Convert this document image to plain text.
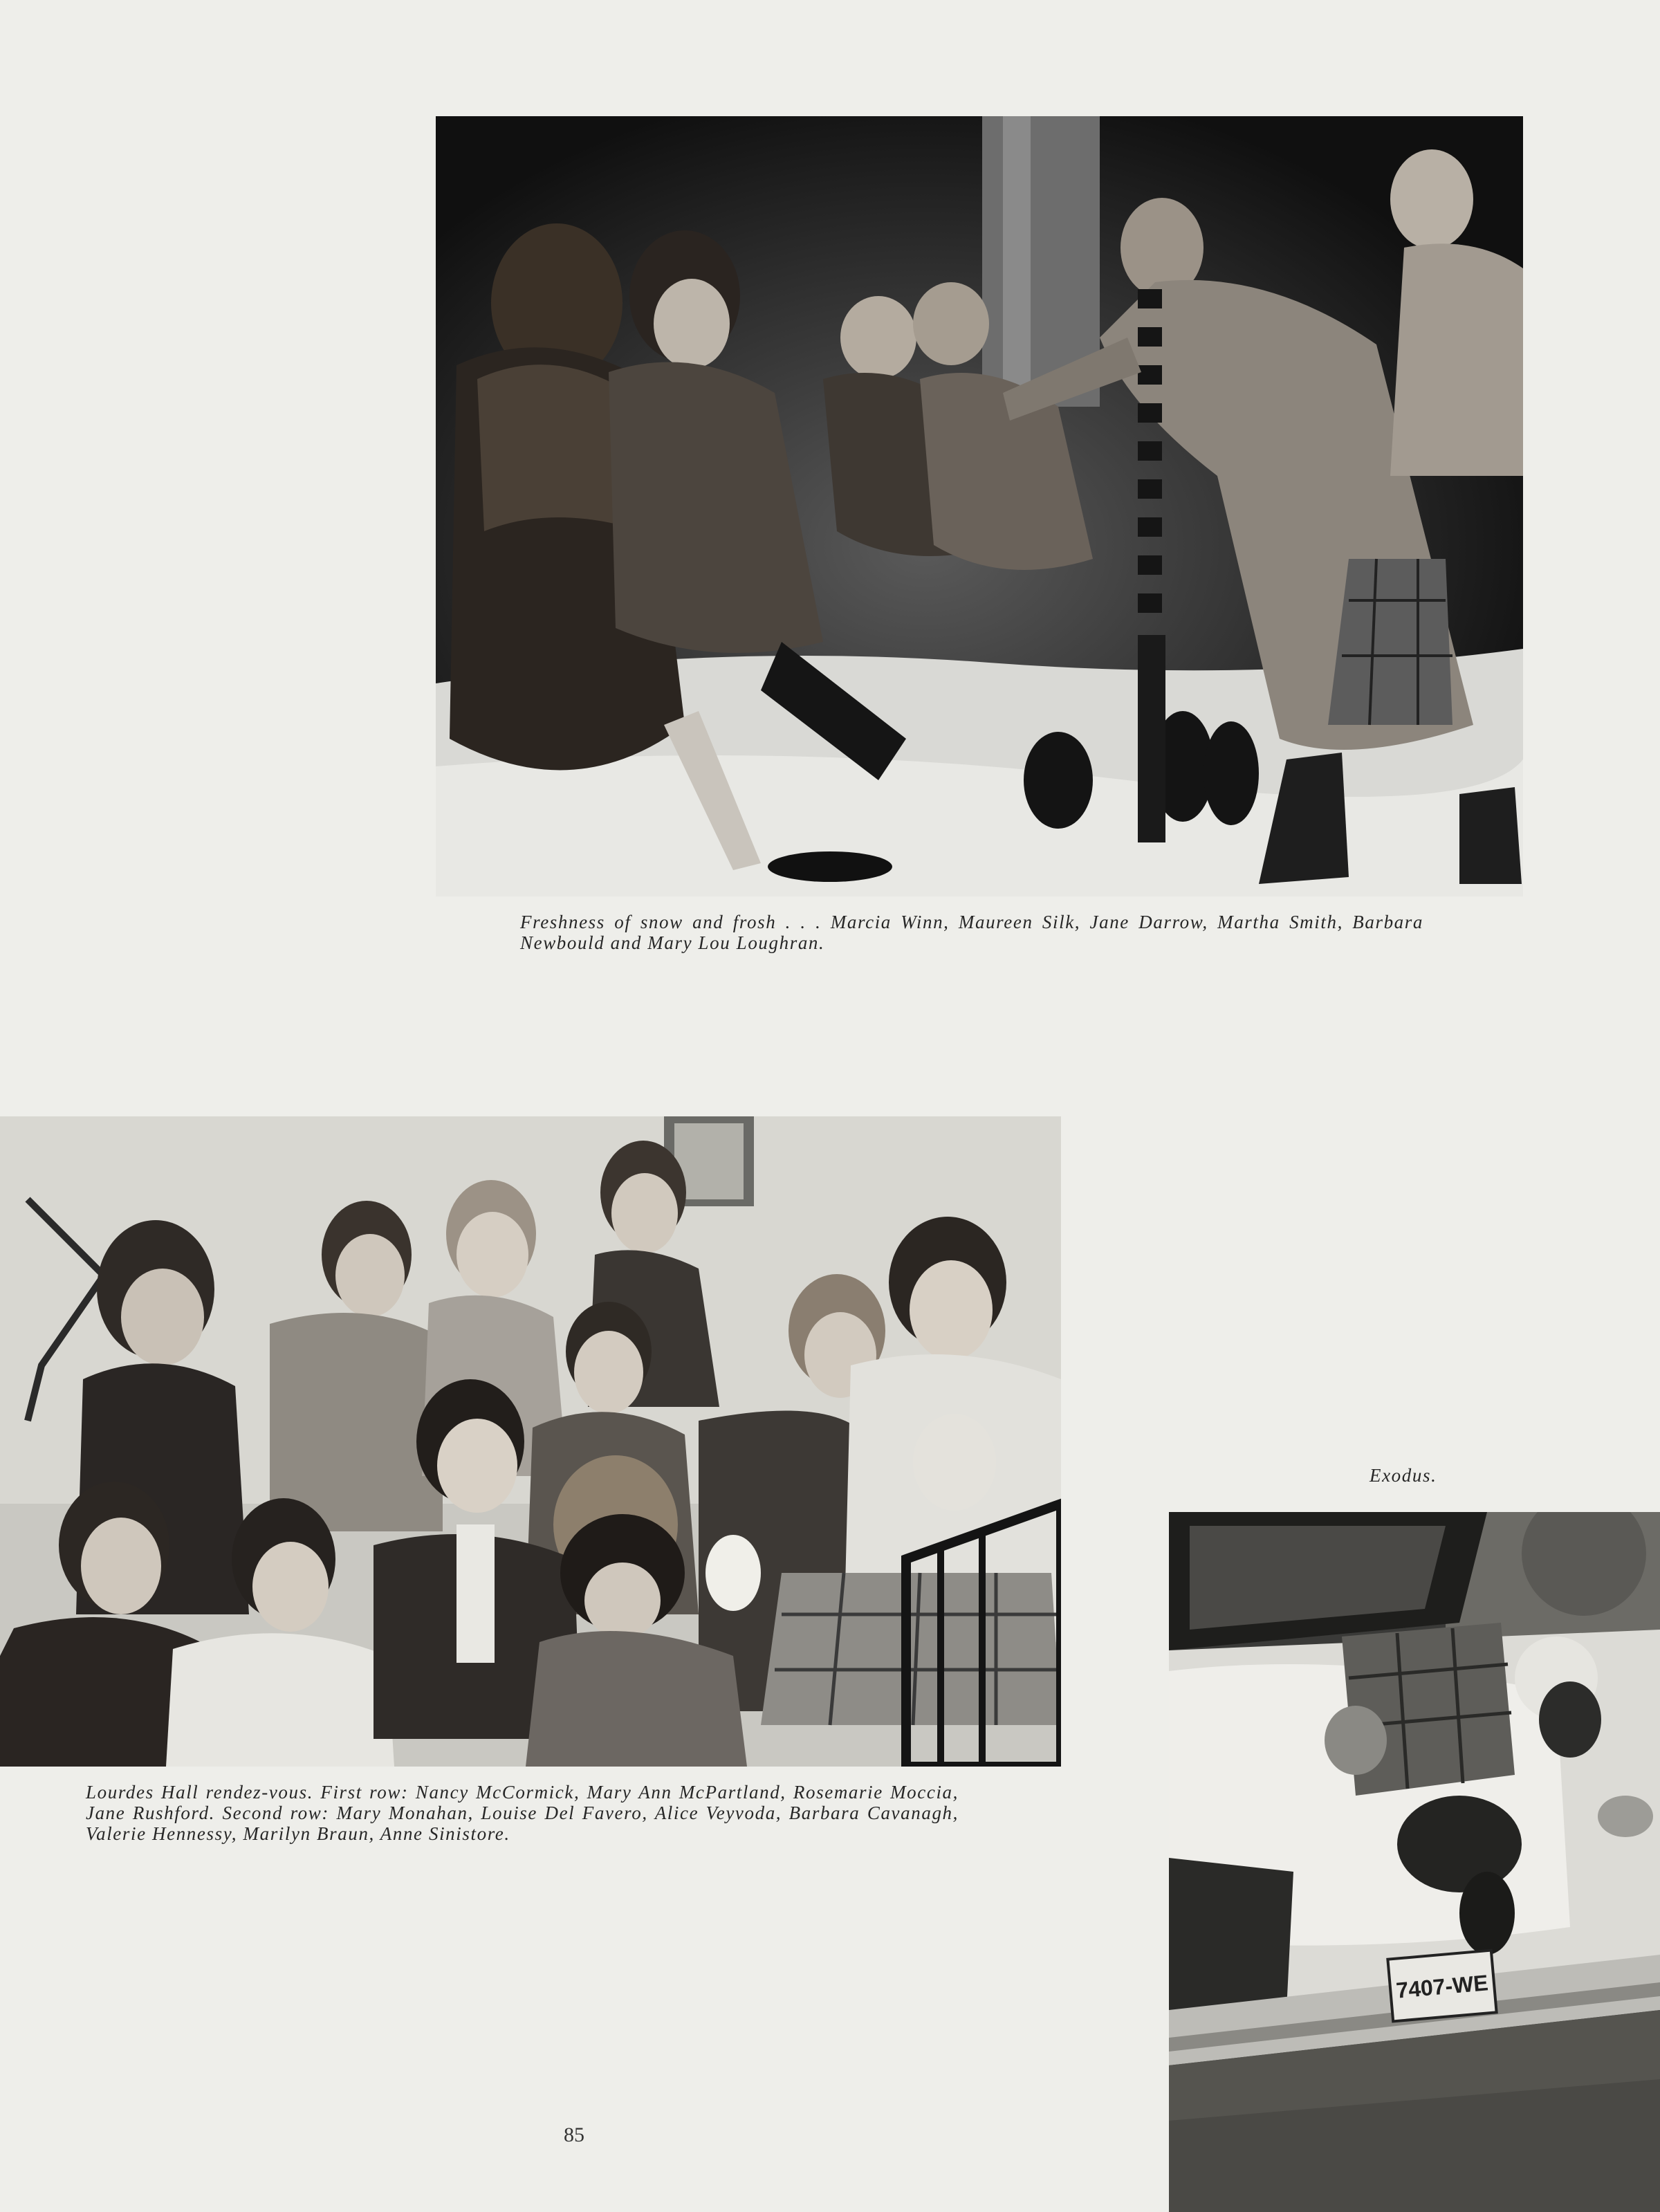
Freshness of snow and frosh . . . Marcia Winn, Maureen Silk, Jane Darrow, Martha Smith, Barbara Newbould and Mary Lou Loughran.
Lourdes Hall rendez-vous. First row: Nancy McCormick, Mary Ann McPartland, Rosemarie Moccia, Jane Rushford. Second row: Mary Monahan, Louise Del Favero, Alice Veyvoda, Barbara Cavanagh, Valerie Hennessy, Marilyn Braun, Anne Sinistore.
Exodus.
7407-WE
85
